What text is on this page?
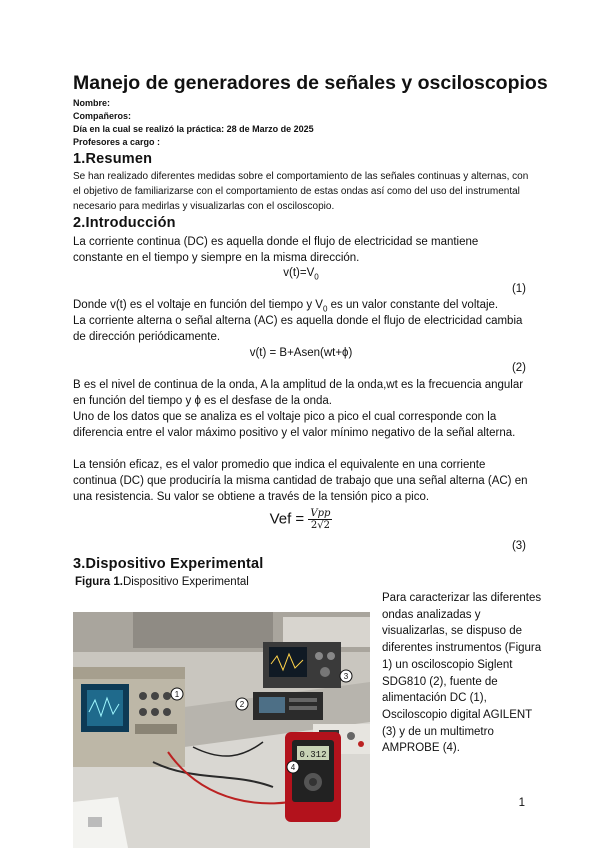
Manejo de generadores de señales y osciloscopios
Nombre:
Compañeros:
Día en la cual se realizó la práctica: 28 de Marzo de 2025
Profesores a cargo :
1.Resumen
Se han realizado diferentes medidas sobre el comportamiento de las señales continuas y alternas, con el objetivo de familiarizarse con el comportamiento de estas ondas así como del uso del instrumental necesario para medirlas y visualizarlas con el osciloscopio.
2.Introducción
La corriente continua (DC) es aquella donde el flujo de electricidad se mantiene constante en el tiempo y siempre en la misma dirección.
$v(t)=V_0$
(1)
Donde v(t) es el voltaje en función del tiempo y $V_0$ es un valor constante del voltaje.
La corriente alterna o señal alterna (AC) es aquella donde el flujo de electricidad cambia de dirección periódicamente.
v(t) = B+Asen(wt+ϕ)
(2)
B es el nivel de continua de la onda, A la amplitud de la onda,wt es la frecuencia angular en función del tiempo y ϕ es el desfase de la onda.
Uno de los datos que se analiza es el voltaje pico a pico el cual corresponde con la diferencia entre el valor máximo positivo y el valor mínimo negativo de la señal alterna.
La tensión eficaz, es el valor promedio que indica el equivalente en una corriente continua (DC) que produciría la misma cantidad de trabajo que una señal alterna (AC) en una resistencia. Su valor se obtiene a través de la tensión pico a pico.
Vef = $\frac{\text{Vpp}}{2√2}$
(3)
3.Dispositivo Experimental
Figura 1.Dispositivo Experimental
0.312
1
2
3
4
Para caracterizar las diferentes ondas analizadas y visualizarlas, se dispuso de diferentes instrumentos (Figura 1) un osciloscopio Siglent SDG810 (2), fuente de alimentación DC (1), Osciloscopio digital AGILENT (3) y de un multimetro AMPROBE (4).
1
